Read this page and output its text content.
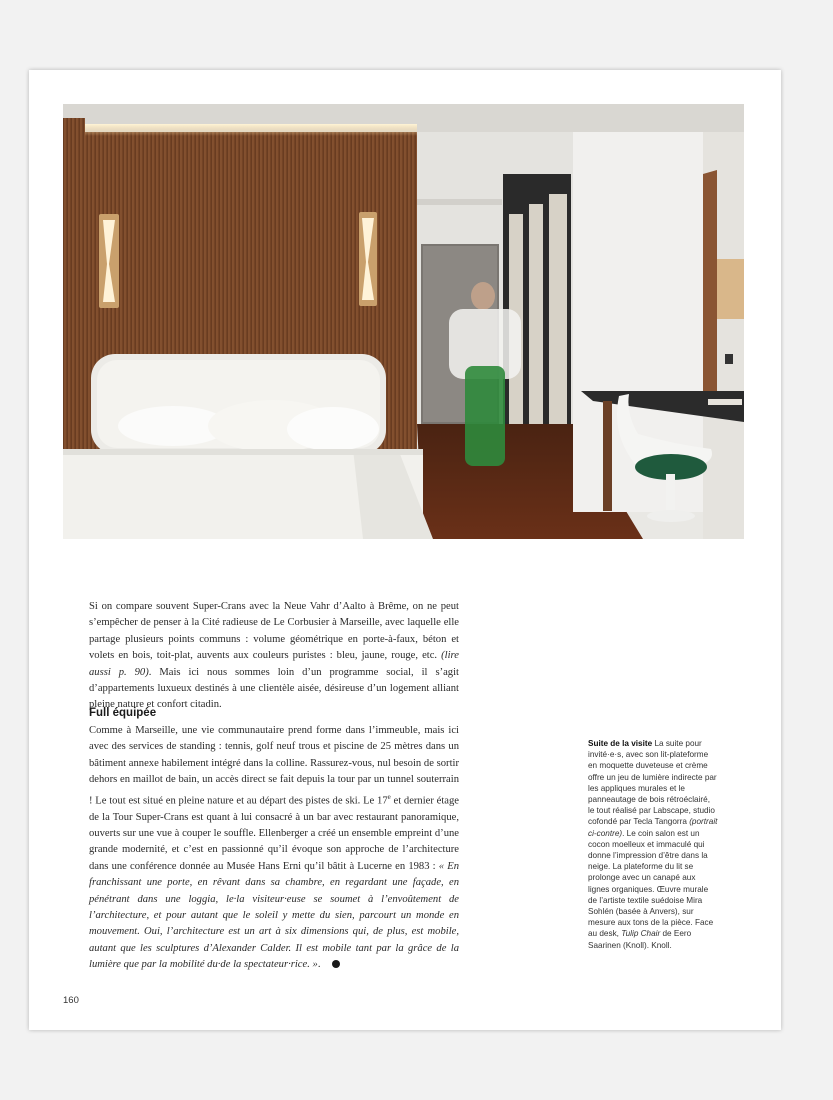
Si on compare souvent Super-Crans avec la Neue Vahr d’Aalto à Brême, on ne peut s’empêcher de penser à la Cité radieuse de Le Corbusier à Marseille, avec laquelle elle partage plusieurs points communs : volume géométrique en porte-à-faux, béton et volets en bois, toit-plat, auvents aux couleurs puristes : bleu, jaune, rouge, etc. (lire aussi p. 90). Mais ici nous sommes loin d’un programme social, il s’agit d’appartements luxueux destinés à une clientèle aisée, désireuse d’un logement alliant pleine nature et confort citadin.

Full équipée

Comme à Marseille, une vie communautaire prend forme dans l’immeuble, mais ici avec des services de standing : tennis, golf neuf trous et piscine de 25 mètres dans un bâtiment annexe habilement intégré dans la colline. Rassurez-vous, nul besoin de sortir dehors en maillot de bain, un accès direct se fait depuis la tour par un tunnel souterrain ! Le tout est situé en pleine nature et au départ des pistes de ski. Le 17e et dernier étage de la Tour Super-Crans est quant à lui consacré à un bar avec restaurant panoramique, ouverts sur une vue à couper le souffle. Ellenberger a créé un ensemble empreint d’une grande modernité, et c’est en passionné qu’il évoque son approche de l’architecture dans une conférence donnée au Musée Hans Erni qu’il bâtit à Lucerne en 1983 : « En franchissant une porte, en rêvant dans sa chambre, en regardant une façade, en pénétrant dans une loggia, le·la visiteur·euse se soumet à l’envoûtement de l’architecture, et pour autant que le soleil y mette du sien, parcourt un monde en mouvement. Oui, l’architecture est un art à six dimensions qui, de plus, est mobile, autant que les sculptures d’Alexander Calder. Il est mobile tant par la grâce de la lumière que par la mobilité du·de la spectateur·rice. ».

Suite de la visite La suite pour invité·e·s, avec son lit-plateforme en moquette duveteuse et crème offre un jeu de lumière indirecte par les appliques murales et le panneautage de bois rétroéclairé, le tout réalisé par Labscape, studio cofondé par Tecla Tangorra (portrait ci-contre). Le coin salon est un cocon moelleux et immaculé qui donne l’impression d’être dans la neige. La plateforme du lit se prolonge avec un canapé aux lignes organiques. Œuvre murale de l’artiste textile suédoise Mira Sohlén (basée à Anvers), sur mesure aux tons de la pièce. Face au desk, Tulip Chair de Eero Saarinen (Knoll). Knoll.
160
